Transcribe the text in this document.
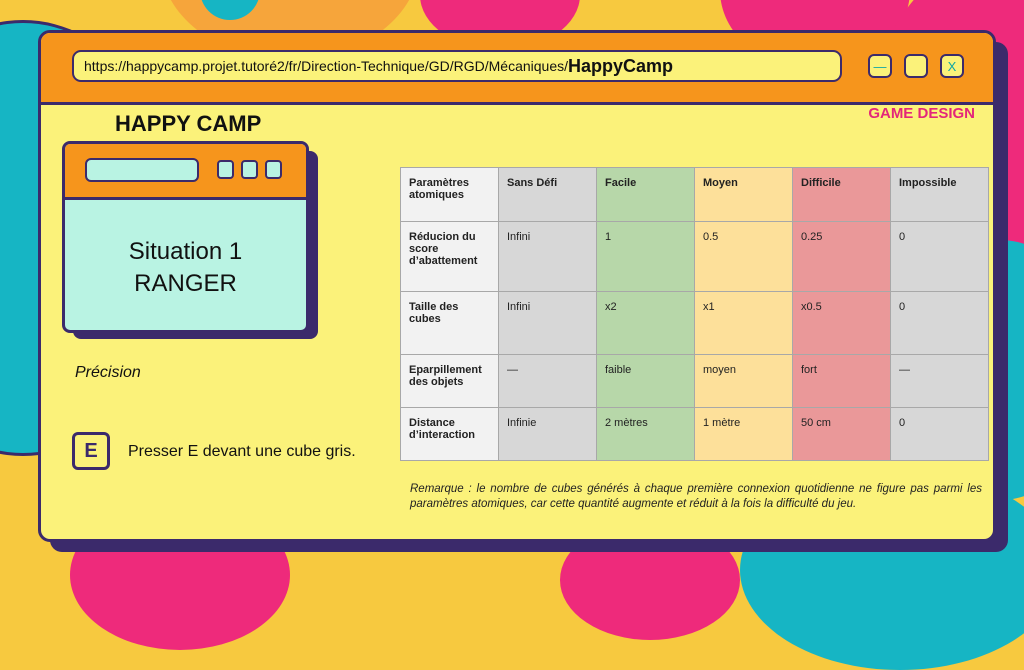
https://happycamp.projet.tutoré2/fr/Direction-Technique/GD/RGD/Mécaniques/ HappyCamp	—	X
HAPPY CAMP	GAME DESIGN
Situation 1
RANGER
Précision
E	Presser E devant une cube gris.
Paramètres atomiques	Sans Défi	Facile	Moyen	Difficile	Impossible
Réducion du score d’abattement	Infini	1	0.5	0.25	0
Taille des cubes	Infini	x2	x1	x0.5	0
Eparpillement des objets	—	faible	moyen	fort	—
Distance d’interaction	Infinie	2 mètres	1 mètre	50 cm	0
Remarque : le nombre de cubes générés à chaque première connexion quotidienne ne figure pas parmi les paramètres atomiques, car cette quantité augmente et réduit à la fois la difficulté du jeu.
